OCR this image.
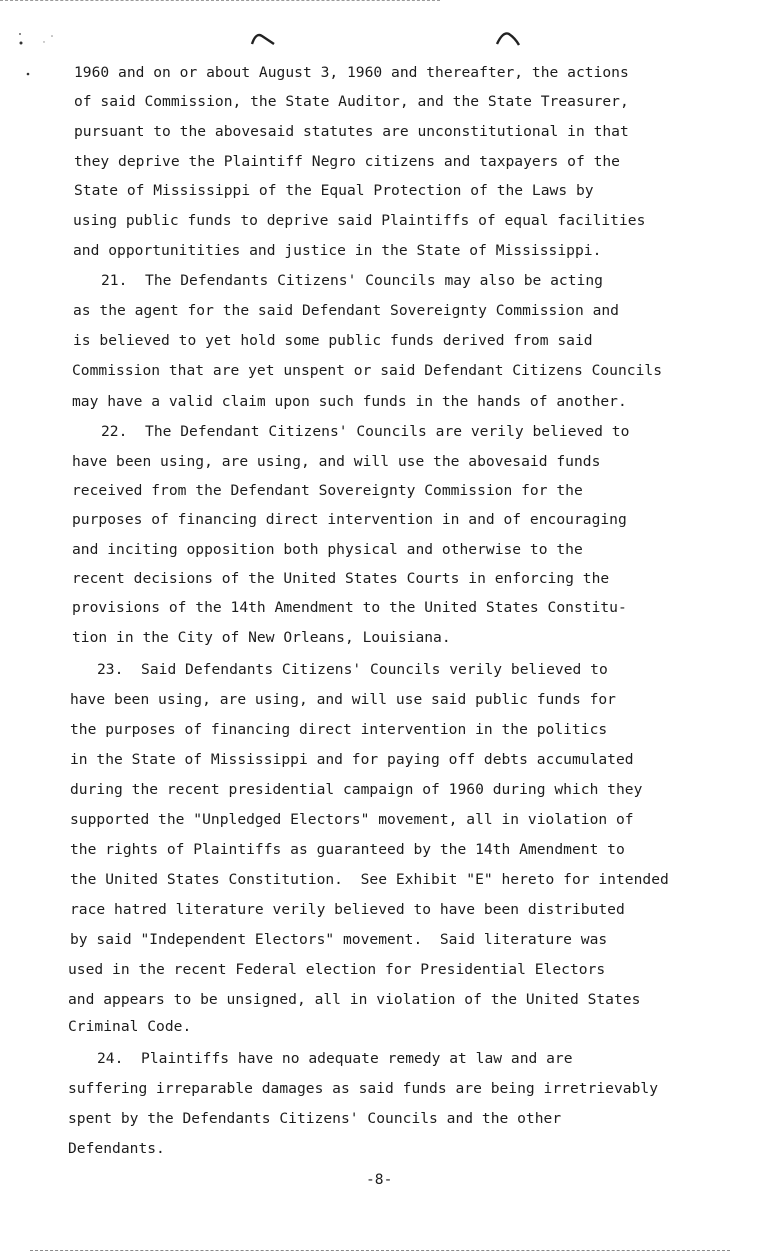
1960 and on or about August 3, 1960 and thereafter, the actions
of said Commission, the State Auditor, and the State Treasurer,
pursuant to the abovesaid statutes are unconstitutional in that
they deprive the Plaintiff Negro citizens and taxpayers of the
State of Mississippi of the Equal Protection of the Laws by
using public funds to deprive said Plaintiffs of equal facilities
and opportunitities and justice in the State of Mississippi.
21.  The Defendants Citizens' Councils may also be acting
as the agent for the said Defendant Sovereignty Commission and
is believed to yet hold some public funds derived from said
Commission that are yet unspent or said Defendant Citizens Councils
may have a valid claim upon such funds in the hands of another.
22.  The Defendant Citizens' Councils are verily believed to
have been using, are using, and will use the abovesaid funds
received from the Defendant Sovereignty Commission for the
purposes of financing direct intervention in and of encouraging
and inciting opposition both physical and otherwise to the
recent decisions of the United States Courts in enforcing the
provisions of the 14th Amendment to the United States Constitu-
tion in the City of New Orleans, Louisiana.
23.  Said Defendants Citizens' Councils verily believed to
have been using, are using, and will use said public funds for
the purposes of financing direct intervention in the politics
in the State of Mississippi and for paying off debts accumulated
during the recent presidential campaign of 1960 during which they
supported the "Unpledged Electors" movement, all in violation of
the rights of Plaintiffs as guaranteed by the 14th Amendment to
the United States Constitution.  See Exhibit "E" hereto for intended
race hatred literature verily believed to have been distributed
by said "Independent Electors" movement.  Said literature was
used in the recent Federal election for Presidential Electors
and appears to be unsigned, all in violation of the United States
Criminal Code.
24.  Plaintiffs have no adequate remedy at law and are
suffering irreparable damages as said funds are being irretrievably
spent by the Defendants Citizens' Councils and the other
Defendants.
-8-
